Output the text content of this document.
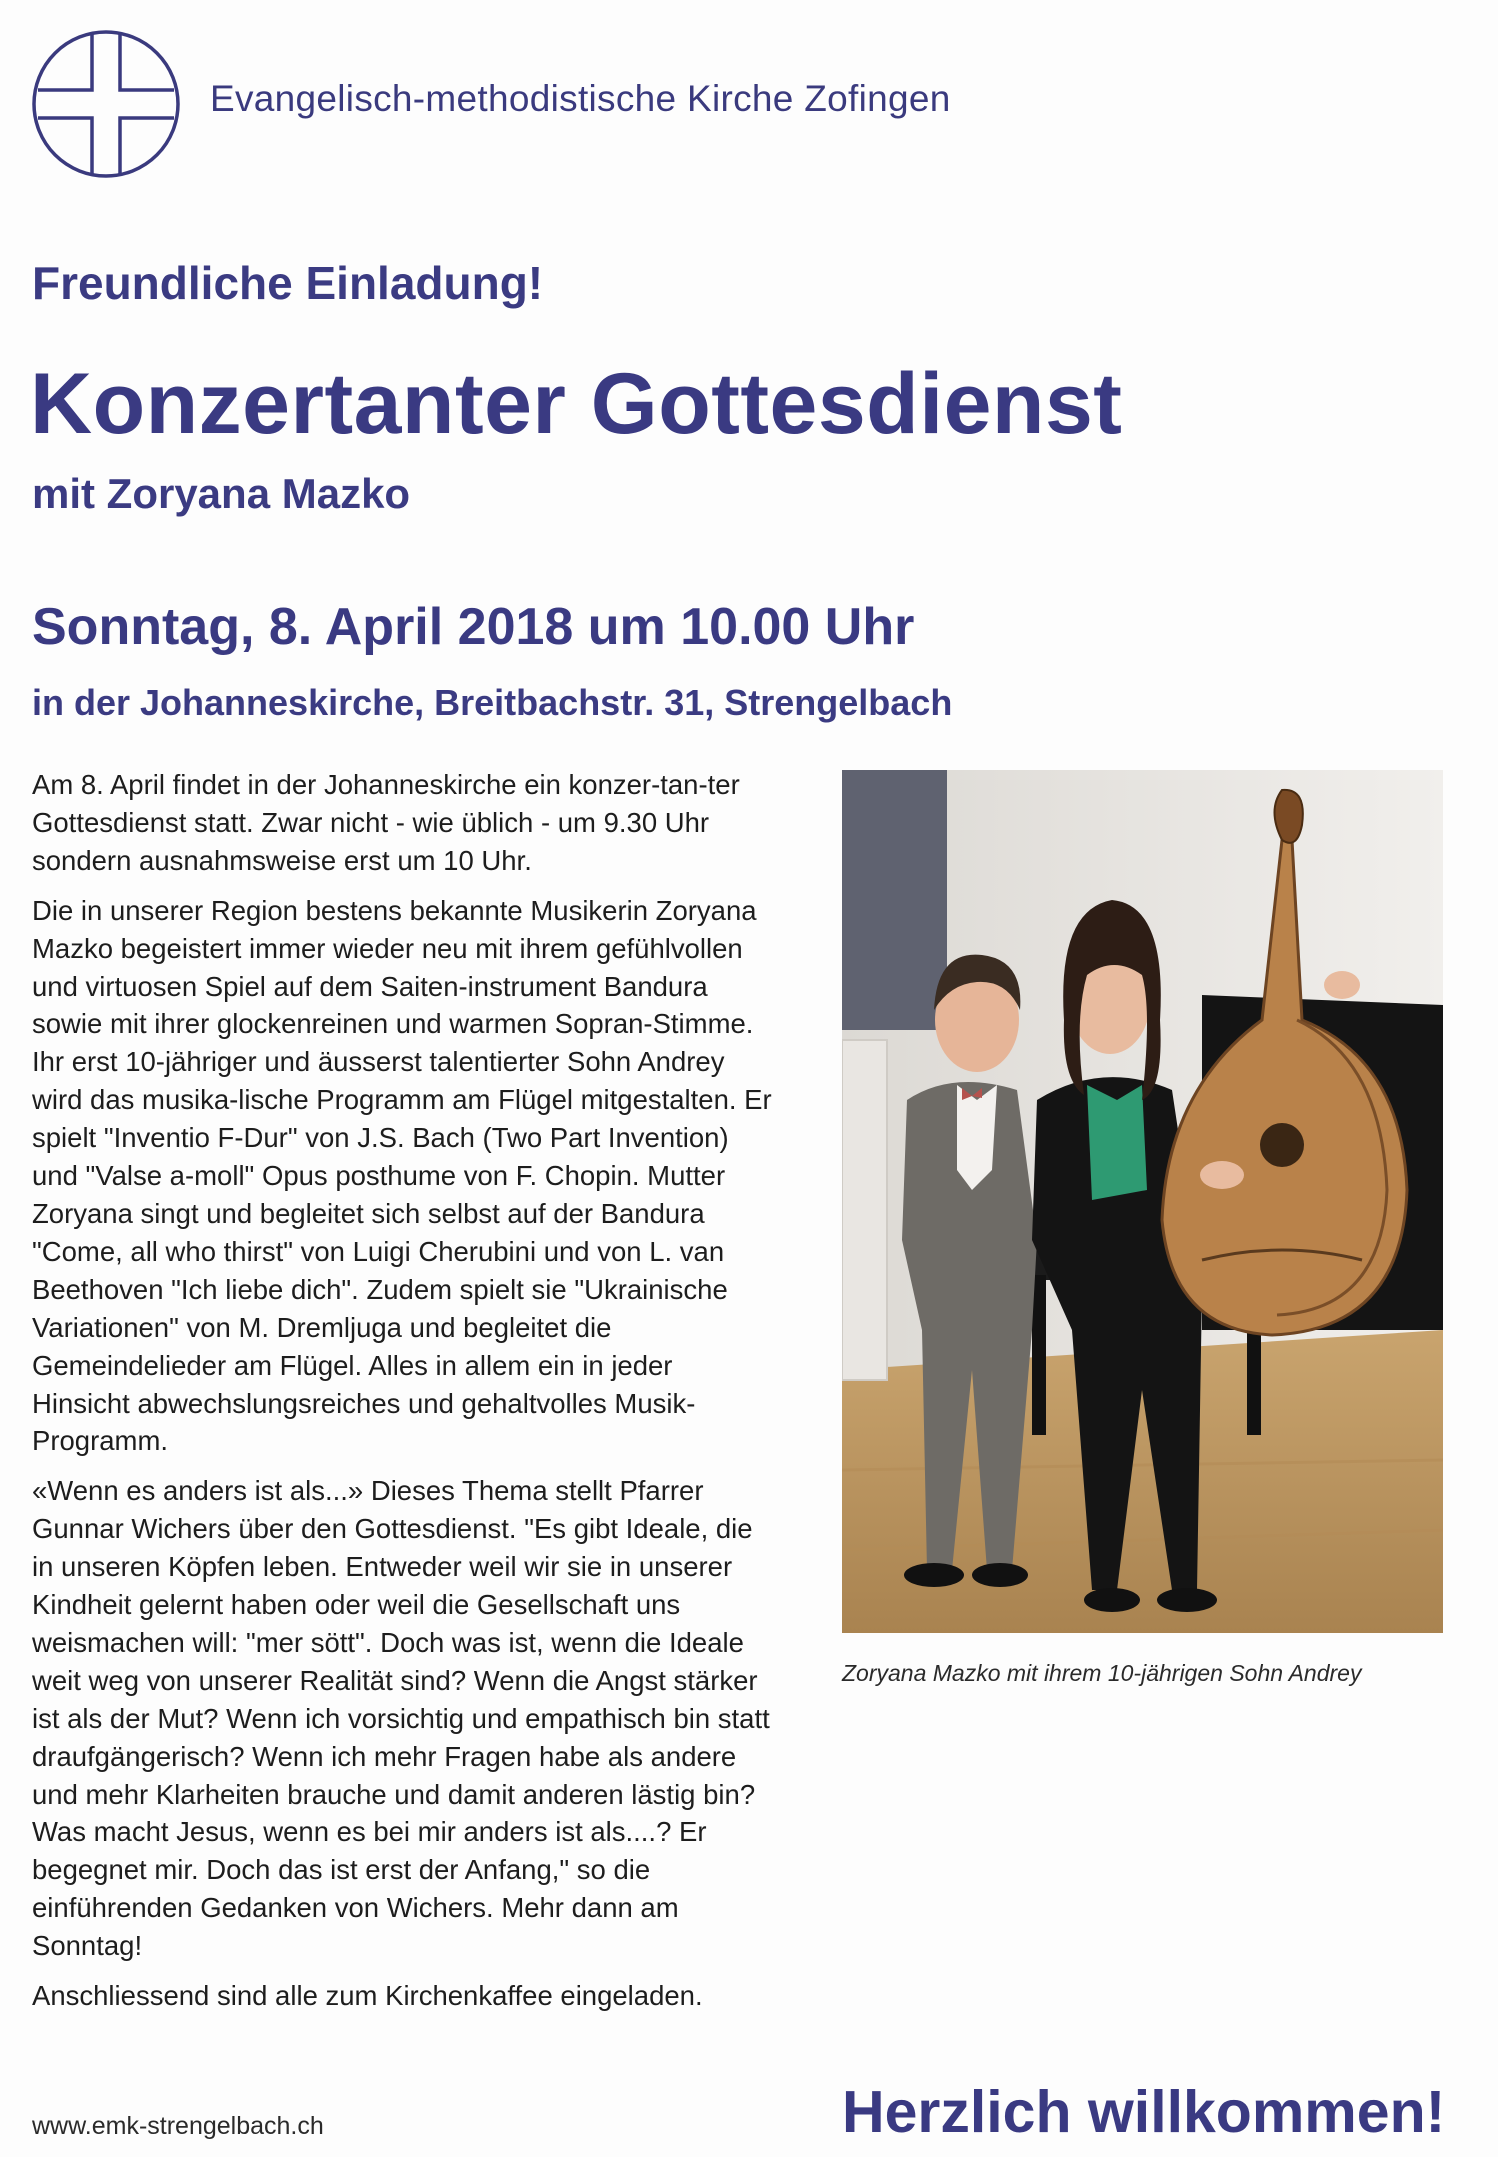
Evangelisch-methodistische Kirche Zofingen
Freundliche Einladung!
Konzertanter Gottesdienst
mit Zoryana Mazko
Sonntag, 8. April 2018 um 10.00 Uhr
in der Johanneskirche, Breitbachstr. 31, Strengelbach

Am 8. April findet in der Johanneskirche ein konzer-tan-ter Gottesdienst statt. Zwar nicht - wie üblich - um 9.30 Uhr sondern ausnahmsweise erst um 10 Uhr.

Die in unserer Region bestens bekannte Musikerin Zoryana Mazko begeistert immer wieder neu mit ihrem gefühlvollen und virtuosen Spiel auf dem Saiten-instrument Bandura sowie mit ihrer glockenreinen und warmen Sopran-Stimme. Ihr erst 10-jähriger und äusserst talentierter Sohn Andrey wird das musika-lische Programm am Flügel mitgestalten. Er spielt "Inventio F-Dur" von J.S. Bach (Two Part Invention) und "Valse a-moll" Opus posthume von F. Chopin. Mutter Zoryana singt und begleitet sich selbst auf der Bandura "Come, all who thirst" von Luigi Cherubini und von L. van Beethoven "Ich liebe dich". Zudem spielt sie "Ukrainische Variationen" von M. Dremljuga und begleitet die Gemeindelieder am Flügel. Alles in allem ein in jeder Hinsicht abwechslungsreiches und gehaltvolles Musik-Programm.

«Wenn es anders ist als...» Dieses Thema stellt Pfarrer Gunnar Wichers über den Gottesdienst. "Es gibt Ideale, die in unseren Köpfen leben. Entweder weil wir sie in unserer Kindheit gelernt haben oder weil die Gesellschaft uns weismachen will: "mer sött". Doch was ist, wenn die Ideale weit weg von unserer Realität sind? Wenn die Angst stärker ist als der Mut? Wenn ich vorsichtig und empathisch bin statt draufgängerisch? Wenn ich mehr Fragen habe als andere und mehr Klarheiten brauche und damit anderen lästig bin? Was macht Jesus, wenn es bei mir anders ist als....? Er begegnet mir. Doch das ist erst der Anfang," so die einführenden Gedanken von Wichers. Mehr dann am Sonntag!

Anschliessend sind alle zum Kirchenkaffee eingeladen.

www.emk-strengelbach.ch
Zoryana Mazko mit ihrem 10-jährigen Sohn Andrey
Herzlich willkommen!
